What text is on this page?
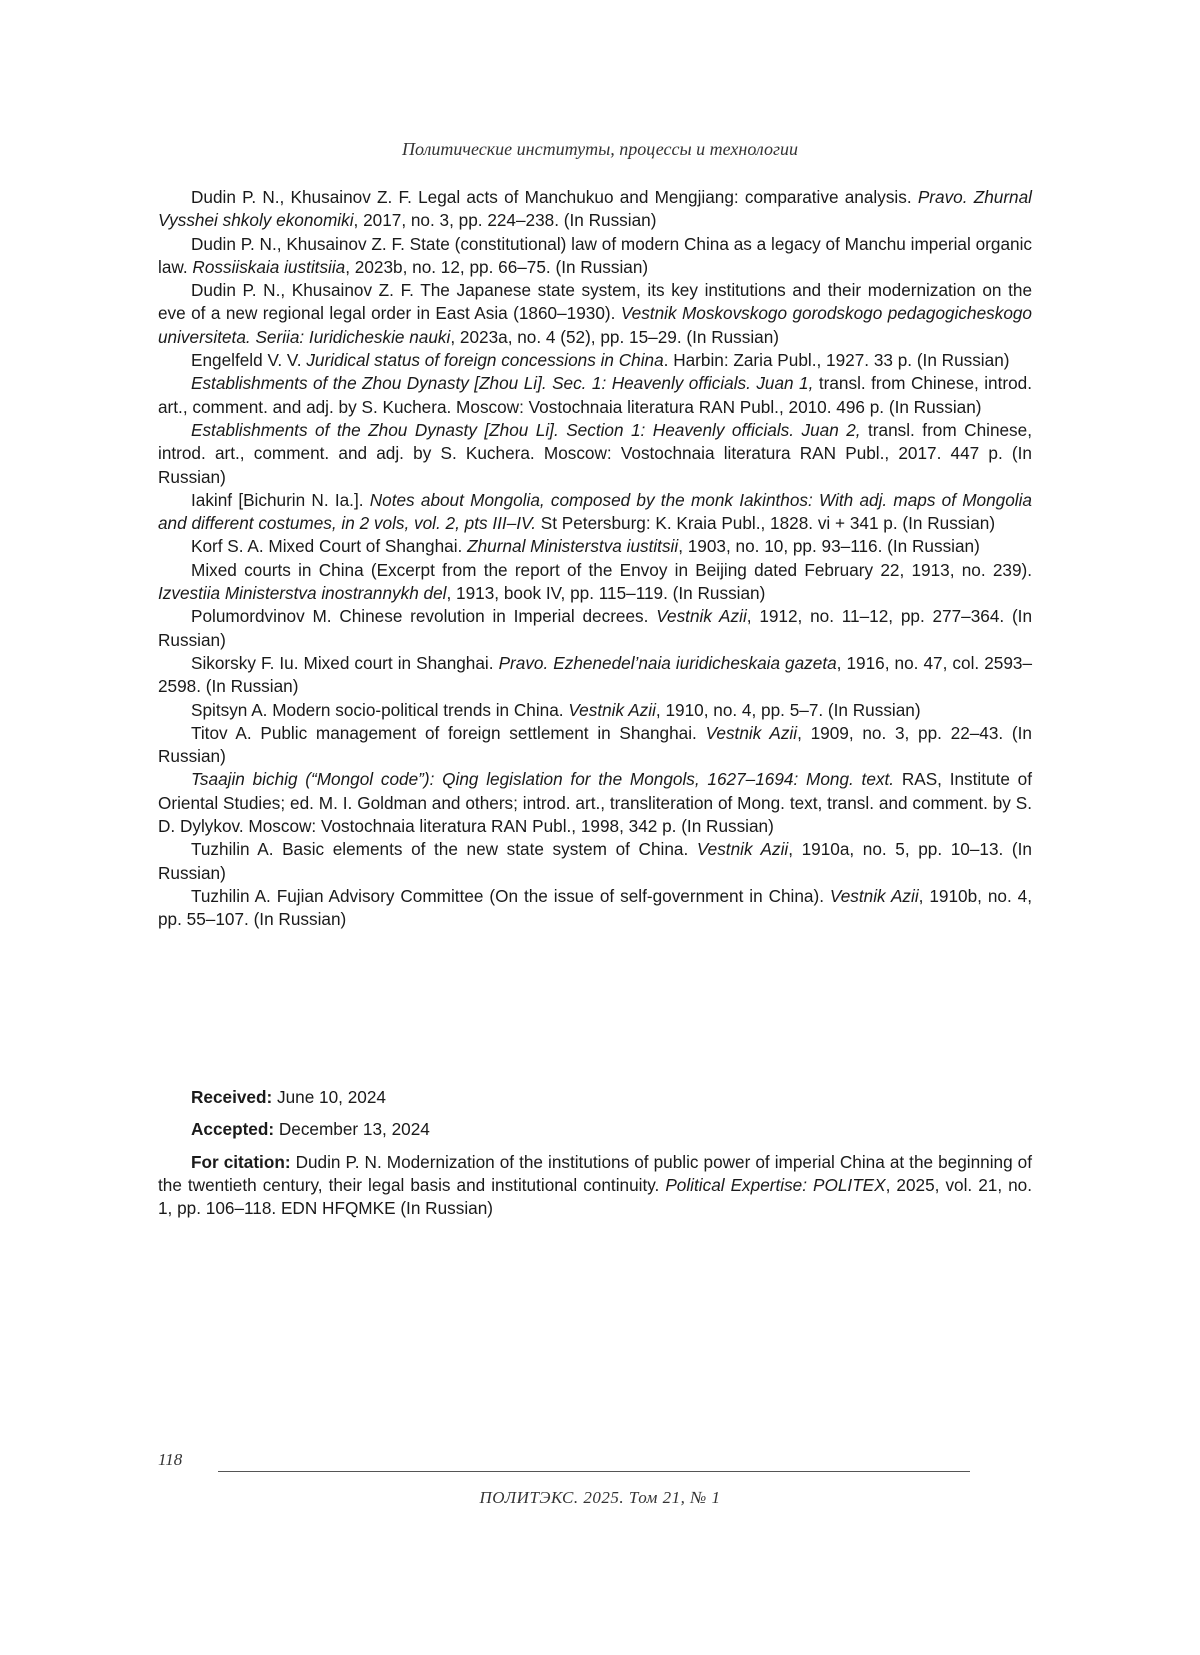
Политические институты, процессы и технологии

Dudin P. N., Khusainov Z. F. Legal acts of Manchukuo and Mengjiang: comparative analysis. Pravo. Zhurnal Vysshei shkoly ekonomiki, 2017, no. 3, pp. 224–238. (In Russian)

Dudin P. N., Khusainov Z. F. State (constitutional) law of modern China as a legacy of Manchu imperial organic law. Rossiiskaia iustitsiia, 2023b, no. 12, pp. 66–75. (In Russian)

Dudin P. N., Khusainov Z. F. The Japanese state system, its key institutions and their modernization on the eve of a new regional legal order in East Asia (1860–1930). Vestnik Moskovskogo gorodskogo pedagogicheskogo universiteta. Seriia: Iuridicheskie nauki, 2023a, no. 4 (52), pp. 15–29. (In Russian)

Engelfeld V. V. Juridical status of foreign concessions in China. Harbin: Zaria Publ., 1927. 33 p. (In Russian)

Establishments of the Zhou Dynasty [Zhou Li]. Sec. 1: Heavenly officials. Juan 1, transl. from Chinese, introd. art., comment. and adj. by S. Kuchera. Moscow: Vostochnaia literatura RAN Publ., 2010. 496 p. (In Russian)

Establishments of the Zhou Dynasty [Zhou Li]. Section 1: Heavenly officials. Juan 2, transl. from Chinese, introd. art., comment. and adj. by S. Kuchera. Moscow: Vostochnaia literatura RAN Publ., 2017. 447 p. (In Russian)

Iakinf [Bichurin N. Ia.]. Notes about Mongolia, composed by the monk Iakinthos: With adj. maps of Mongolia and different costumes, in 2 vols, vol. 2, pts III–IV. St Petersburg: K. Kraia Publ., 1828. vi + 341 p. (In Russian)

Korf S. A. Mixed Court of Shanghai. Zhurnal Ministerstva iustitsii, 1903, no. 10, pp. 93–116. (In Russian)

Mixed courts in China (Excerpt from the report of the Envoy in Beijing dated February 22, 1913, no. 239). Izvestiia Ministerstva inostrannykh del, 1913, book IV, pp. 115–119. (In Russian)

Polumordvinov M. Chinese revolution in Imperial decrees. Vestnik Azii, 1912, no. 11–12, pp. 277–364. (In Russian)

Sikorsky F. Iu. Mixed court in Shanghai. Pravo. Ezhenedel’naia iuridicheskaia gazeta, 1916, no. 47, col. 2593–2598. (In Russian)

Spitsyn A. Modern socio-political trends in China. Vestnik Azii, 1910, no. 4, pp. 5–7. (In Russian)

Titov A. Public management of foreign settlement in Shanghai. Vestnik Azii, 1909, no. 3, pp. 22–43. (In Russian)

Tsaajin bichig (“Mongol code”): Qing legislation for the Mongols, 1627–1694: Mong. text. RAS, Institute of Oriental Studies; ed. M. I. Goldman and others; introd. art., transliteration of Mong. text, transl. and comment. by S. D. Dylykov. Moscow: Vostochnaia literatura RAN Publ., 1998, 342 p. (In Russian)

Tuzhilin A. Basic elements of the new state system of China. Vestnik Azii, 1910a, no. 5, pp. 10–13. (In Russian)

Tuzhilin A. Fujian Advisory Committee (On the issue of self-government in China). Vestnik Azii, 1910b, no. 4, pp. 55–107. (In Russian)

Received: June 10, 2024

Accepted: December 13, 2024

For citation: Dudin P. N. Modernization of the institutions of public power of imperial China at the beginning of the twentieth century, their legal basis and institutional continuity. Political Expertise: POLITEX, 2025, vol. 21, no. 1, pp. 106–118. EDN HFQMKE (In Russian)

118
ПОЛИТЭКС. 2025. Том 21, № 1
